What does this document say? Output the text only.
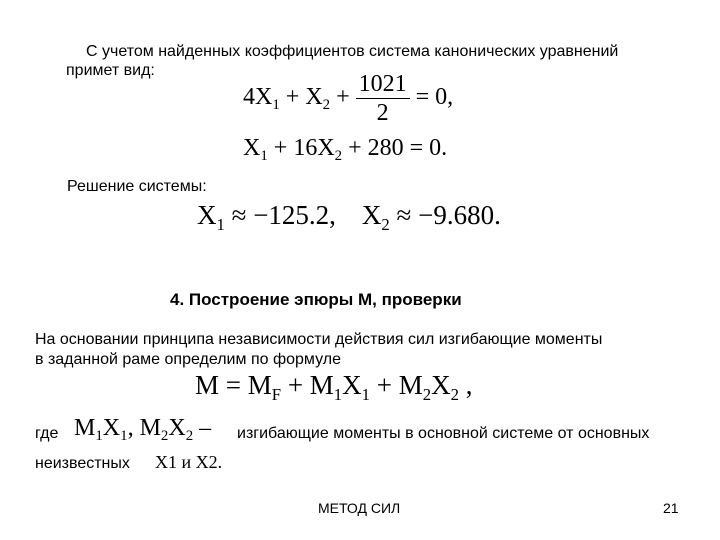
С учетом найденных коэффициентов система канонических уравнений
примет вид:
$4X_1 + X_2 + \frac{1021}{2} = 0$,
$X_1 + 16X_2 + 280 = 0$.
Решение системы:
$X_1 \approx -125.2$, $X_2 \approx -9.680$.
4. Построение эпюры М, проверки
На основании принципа независимости действия сил изгибающие моменты
в заданной раме определим по формуле
$M = M_F + M_1X_1 + M_2X_2$ ,
где $M_1X_1$, $M_2X_2$ – изгибающие моменты в основной системе от основных
неизвестных X1 и X2.
МЕТОД СИЛ	21
